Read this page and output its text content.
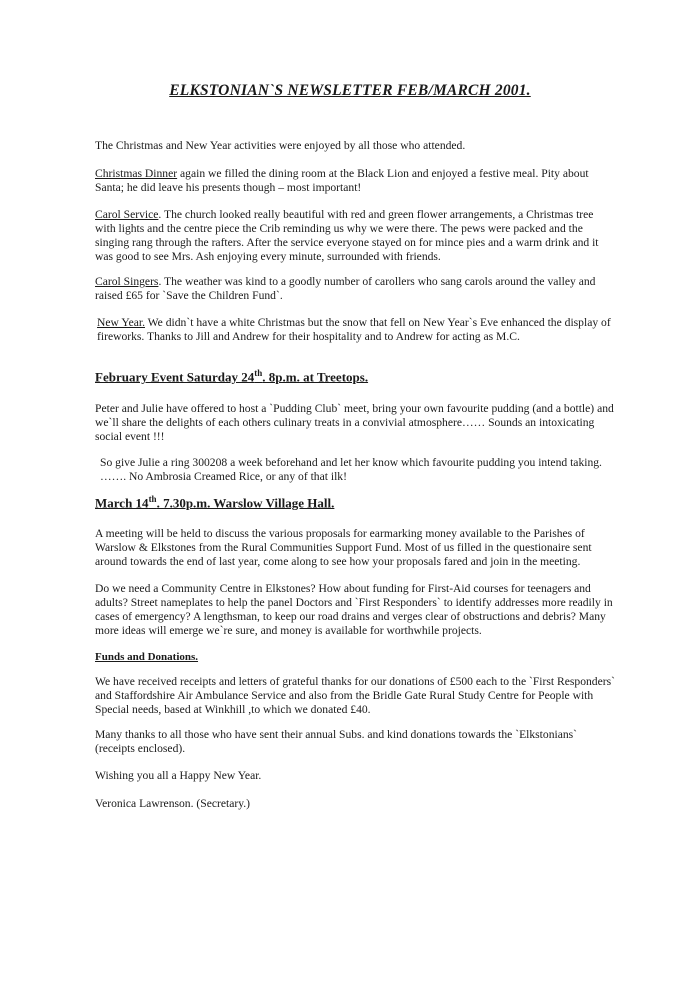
ELKSTONIAN`S NEWSLETTER FEB/MARCH 2001.
The Christmas and New Year activities were enjoyed by all those who attended.
Christmas Dinner again we filled the dining room at the Black Lion and enjoyed a festive meal. Pity about Santa; he did leave his presents though – most important!
Carol Service. The church looked really beautiful with red and green flower arrangements, a Christmas tree with lights and the centre piece the Crib reminding us why we were there. The pews were packed and the singing rang through the rafters. After the service everyone stayed on for mince pies and a warm drink and it was good to see Mrs. Ash enjoying every minute, surrounded with friends.
Carol Singers. The weather was kind to a goodly number of carollers who sang carols around the valley and raised £65 for `Save the Children Fund`.
New Year. We didn`t have a white Christmas but the snow that fell on New Year`s Eve enhanced the display of fireworks. Thanks to Jill and Andrew for their hospitality and to Andrew for acting as M.C.
February Event Saturday 24th. 8p.m. at Treetops.
Peter and Julie have offered to host a `Pudding Club` meet, bring your own favourite pudding (and a bottle) and we`ll share the delights of each others culinary treats in a convivial atmosphere…… Sounds an intoxicating social event !!!
So give Julie a ring 300208 a week beforehand and let her know which favourite pudding you intend taking. ……. No Ambrosia Creamed Rice, or any of that ilk!
March 14th. 7.30p.m. Warslow Village Hall.
A meeting will be held to discuss the various proposals for earmarking money available to the Parishes of Warslow & Elkstones from the Rural Communities Support Fund. Most of us filled in the questionaire sent around towards the end of last year, come along to see how your proposals fared and join in the meeting.
Do we need a Community Centre in Elkstones? How about funding for First-Aid courses for teenagers and adults? Street nameplates to help the panel Doctors and `First Responders` to identify addresses more readily in cases of emergency? A lengthsman, to keep our road drains and verges clear of obstructions and debris? Many more ideas will emerge we`re sure, and money is available for worthwhile projects.
Funds and Donations.
We have received receipts and letters of grateful thanks for our donations of £500 each to the `First Responders` and Staffordshire Air Ambulance Service and also from the Bridle Gate Rural Study Centre for People with Special needs, based at Winkhill ,to which we donated £40.
Many thanks to all those who have sent their annual Subs. and kind donations towards the `Elkstonians` (receipts enclosed).
Wishing you all a Happy New Year.
Veronica Lawrenson. (Secretary.)
